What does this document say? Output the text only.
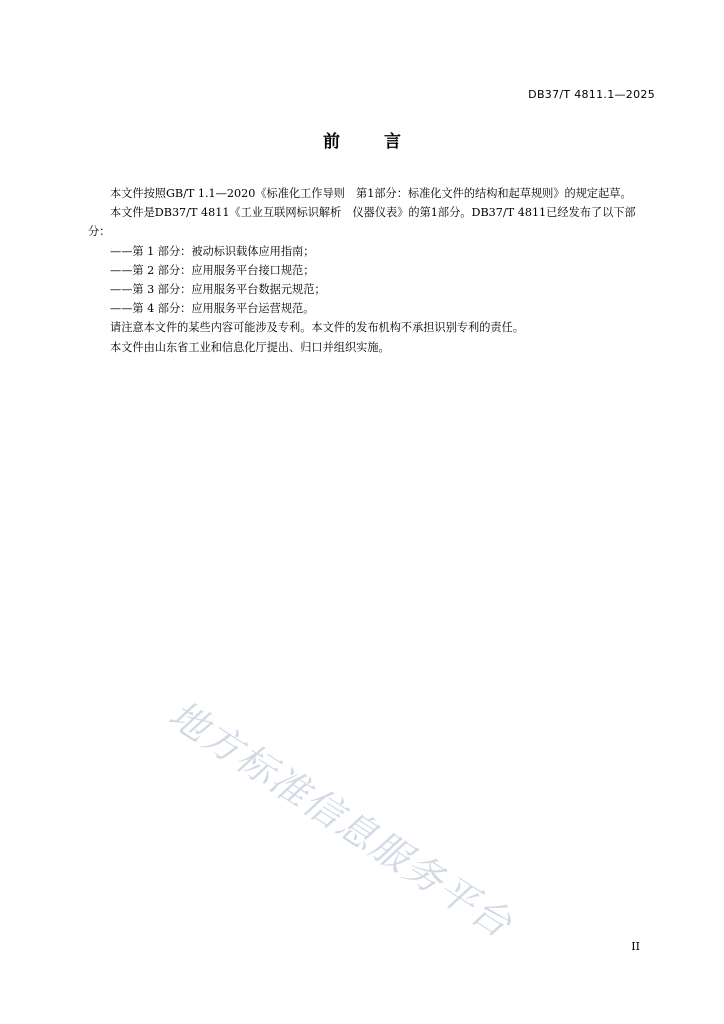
DB37/T 4811.1—2025
前	言

本文件按照GB/T 1.1—2020《标准化工作导则　第1部分：标准化文件的结构和起草规则》的规定起草。

本文件是DB37/T 4811《工业互联网标识解析　仪器仪表》的第1部分。DB37/T 4811已经发布了以下部分：

——第 1 部分：被动标识载体应用指南；
——第 2 部分：应用服务平台接口规范；
——第 3 部分：应用服务平台数据元规范；
——第 4 部分：应用服务平台运营规范。

请注意本文件的某些内容可能涉及专利。本文件的发布机构不承担识别专利的责任。

本文件由山东省工业和信息化厅提出、归口并组织实施。

地方标准信息服务平台	II
